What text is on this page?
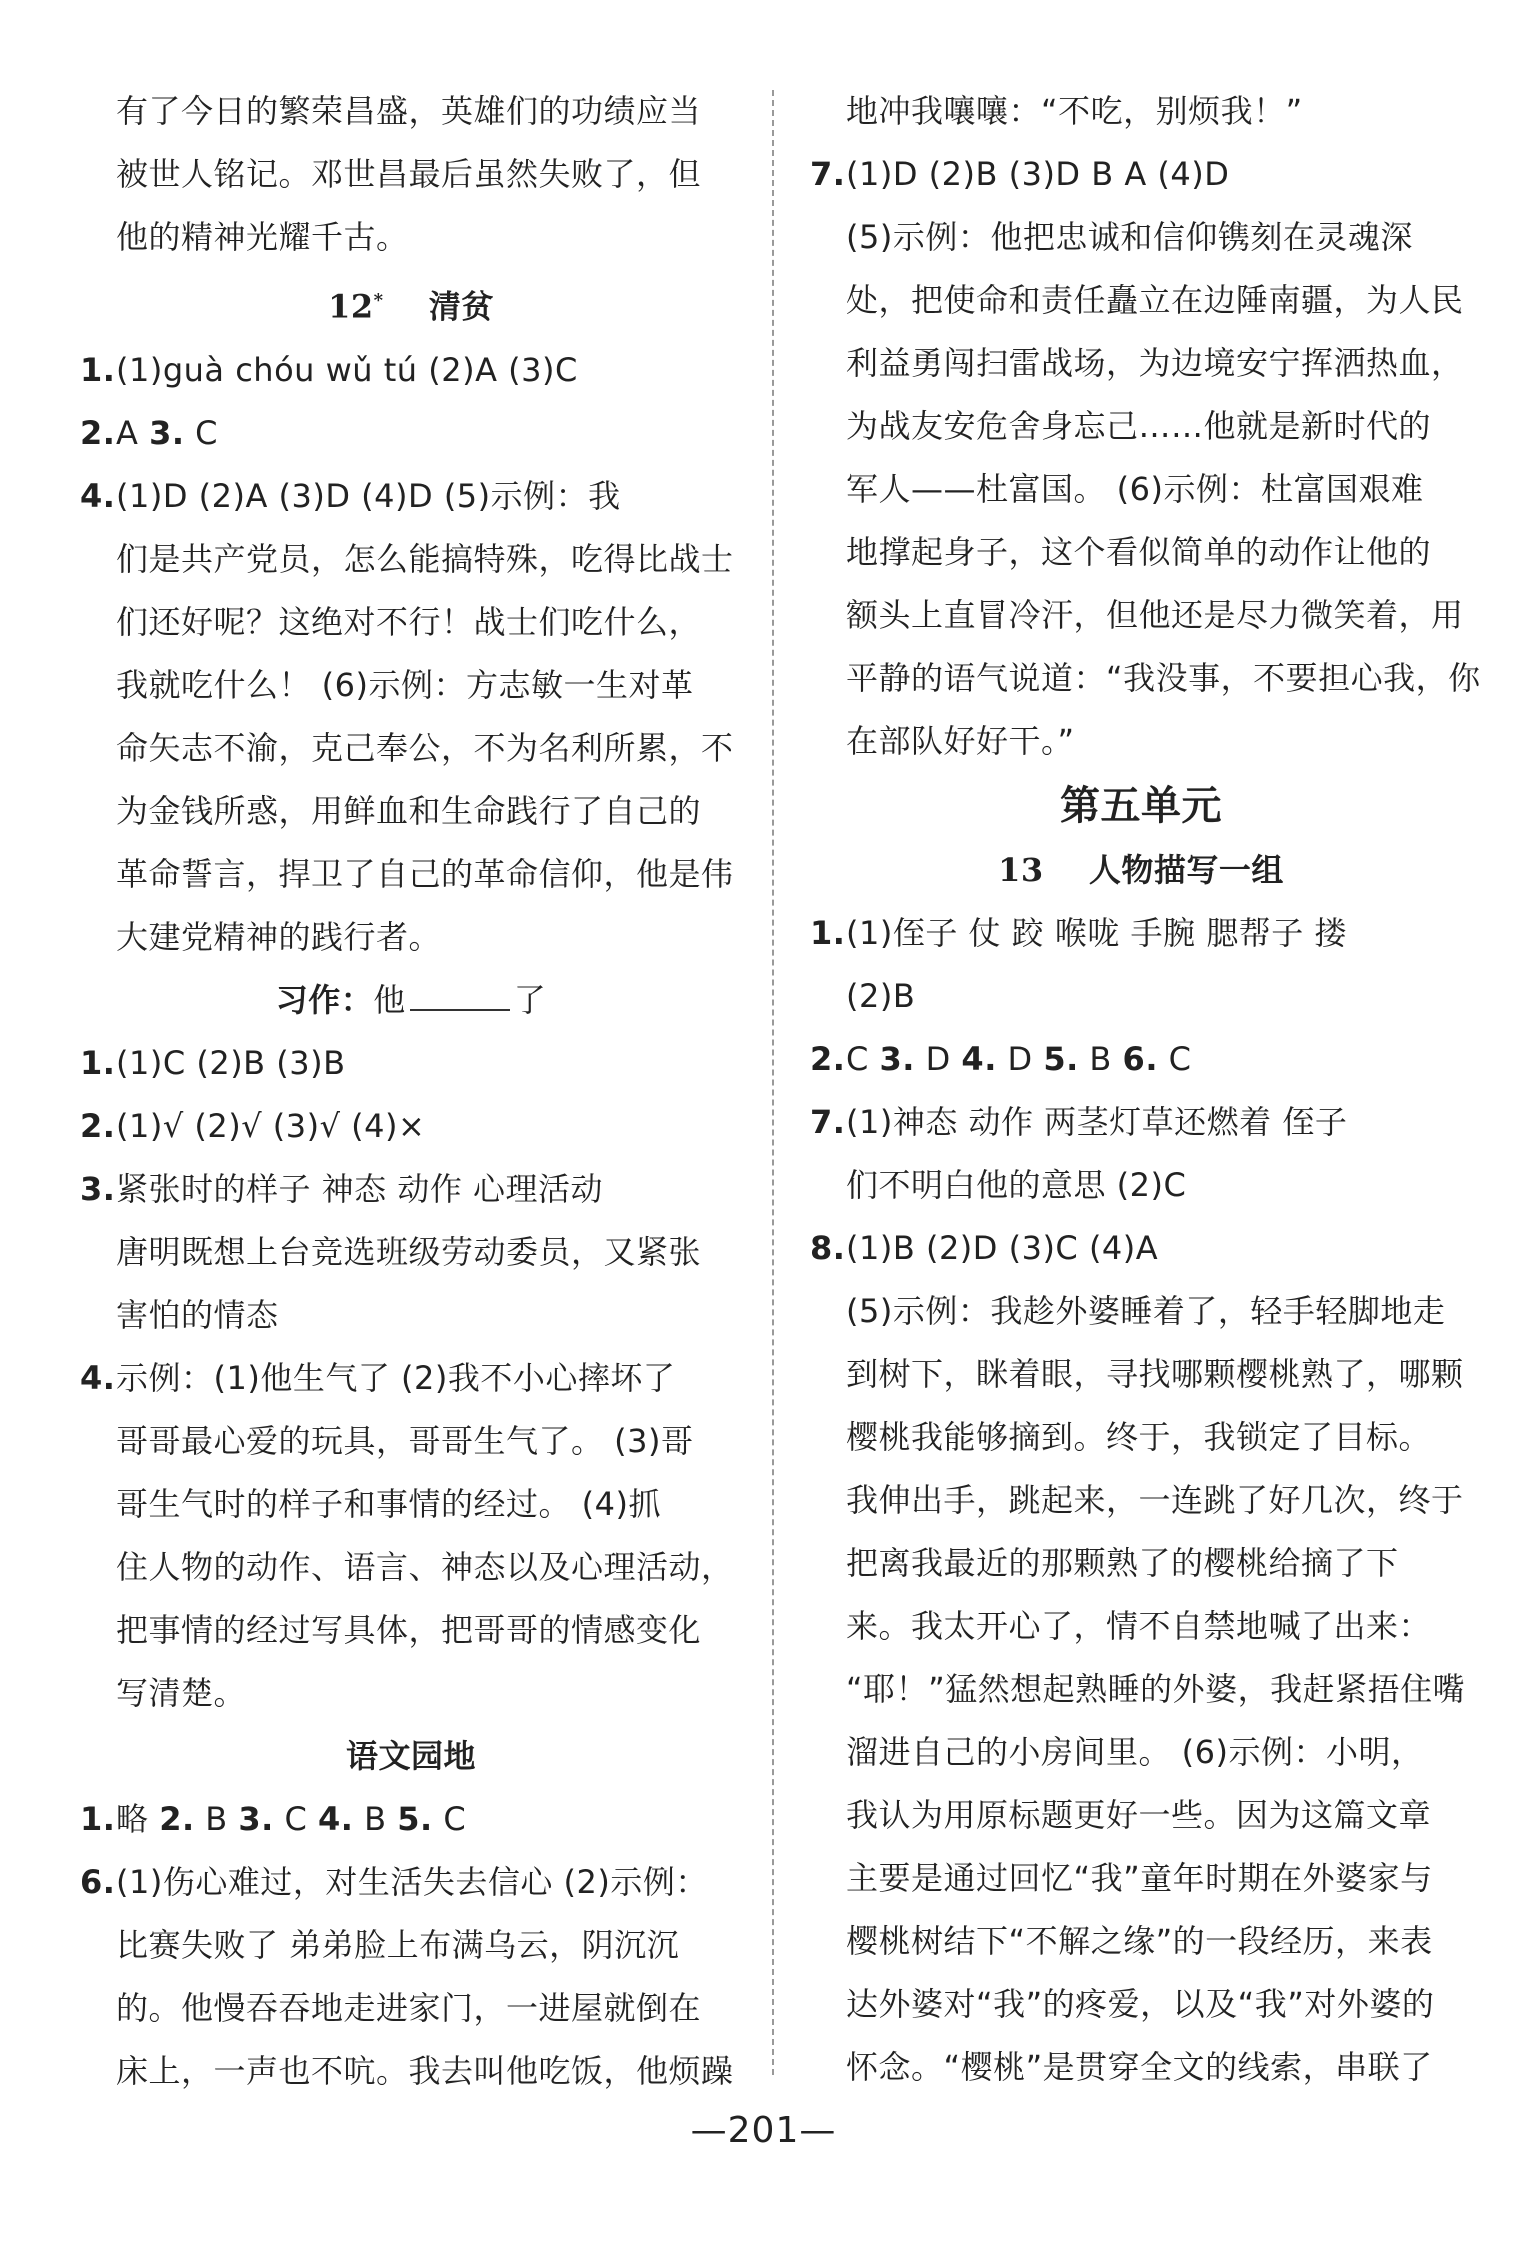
有了今日的繁荣昌盛，英雄们的功绩应当
被世人铭记。邓世昌最后虽然失败了，但
他的精神光耀千古。
12* 清贫
1. (1)guà chóu wǔ tú (2)A (3)C
2. A 3. C
4. (1)D (2)A (3)D (4)D (5)示例：我
们是共产党员，怎么能搞特殊，吃得比战士
们还好呢？这绝对不行！战士们吃什么，
我就吃什么！ (6)示例：方志敏一生对革
命矢志不渝，克己奉公，不为名利所累，不
为金钱所惑，用鲜血和生命践行了自己的
革命誓言，捍卫了自己的革命信仰，他是伟
大建党精神的践行者。
习作：他	了
1. (1)C (2)B (3)B
2. (1)√ (2)√ (3)√ (4)×
3. 紧张时的样子 神态 动作 心理活动
唐明既想上台竞选班级劳动委员，又紧张
害怕的情态
4. 示例：(1)他生气了 (2)我不小心摔坏了
哥哥最心爱的玩具，哥哥生气了。 (3)哥
哥生气时的样子和事情的经过。 (4)抓
住人物的动作、语言、神态以及心理活动，
把事情的经过写具体，把哥哥的情感变化
写清楚。
语文园地
1. 略 2. B 3. C 4. B 5. C
6. (1)伤心难过，对生活失去信心 (2)示例：
比赛失败了 弟弟脸上布满乌云，阴沉沉
的。他慢吞吞地走进家门，一进屋就倒在
床上，一声也不吭。我去叫他吃饭，他烦躁
地冲我嚷嚷：“不吃，别烦我！”
7. (1)D (2)B (3)D B A (4)D
(5)示例：他把忠诚和信仰镌刻在灵魂深
处，把使命和责任矗立在边陲南疆，为人民
利益勇闯扫雷战场，为边境安宁挥洒热血，
为战友安危舍身忘己……他就是新时代的
军人——杜富国。 (6)示例：杜富国艰难
地撑起身子，这个看似简单的动作让他的
额头上直冒冷汗，但他还是尽力微笑着，用
平静的语气说道：“我没事，不要担心我，你
在部队好好干。”
第五单元
13 人物描写一组
1. (1)侄子 仗 跤 喉咙 手腕 腮帮子 搂
(2)B
2. C 3. D 4. D 5. B 6. C
7. (1)神态 动作 两茎灯草还燃着 侄子
们不明白他的意思 (2)C
8. (1)B (2)D (3)C (4)A
(5)示例：我趁外婆睡着了，轻手轻脚地走
到树下，眯着眼，寻找哪颗樱桃熟了，哪颗
樱桃我能够摘到。终于，我锁定了目标。
我伸出手，跳起来，一连跳了好几次，终于
把离我最近的那颗熟了的樱桃给摘了下
来。我太开心了，情不自禁地喊了出来：
“耶！”猛然想起熟睡的外婆，我赶紧捂住嘴
溜进自己的小房间里。 (6)示例：小明，
我认为用原标题更好一些。因为这篇文章
主要是通过回忆“我”童年时期在外婆家与
樱桃树结下“不解之缘”的一段经历，来表
达外婆对“我”的疼爱，以及“我”对外婆的
怀念。“樱桃”是贯穿全文的线索，串联了
—201—
